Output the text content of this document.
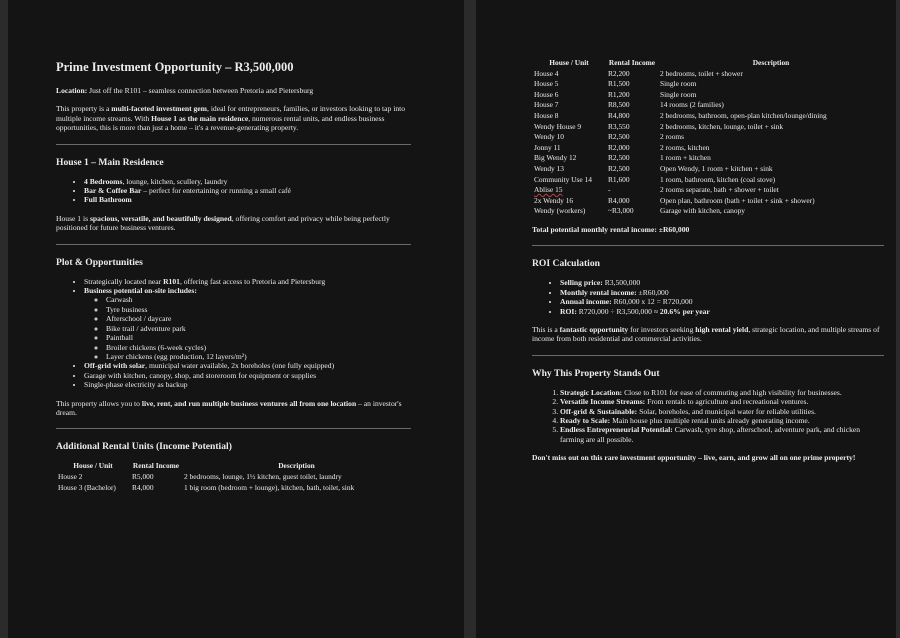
Prime Investment Opportunity – R3,500,000

Location: Just off the R101 – seamless connection between Pretoria and Pietersburg

This property is a multi-faceted investment gem, ideal for entrepreneurs, families, or investors looking to tap into multiple income streams. With House 1 as the main residence, numerous rental units, and endless business opportunities, this is more than just a home – it's a revenue-generating property.

House 1 – Main Residence
• 4 Bedrooms, lounge, kitchen, scullery, laundry
• Bar & Coffee Bar – perfect for entertaining or running a small café
• Full Bathroom

House 1 is spacious, versatile, and beautifully designed, offering comfort and privacy while being perfectly positioned for future business ventures.

Plot & Opportunities
• Strategically located near R101, offering fast access to Pretoria and Pietersburg
• Business potential on-site includes:
◦ Carwash
◦ Tyre business
◦ Afterschool / daycare
◦ Bike trail / adventure park
◦ Paintball
◦ Broiler chickens (6-week cycles)
◦ Layer chickens (egg production, 12 layers/m²)
• Off-grid with solar, municipal water available, 2x boreholes (one fully equipped)
• Garage with kitchen, canopy, shop, and storeroom for equipment or supplies
• Single-phase electricity as backup

This property allows you to live, rent, and run multiple business ventures all from one location – an investor's dream.

Additional Rental Units (Income Potential)
House / Unit	Rental Income	Description
House 2	R5,000	2 bedrooms, lounge, 1½ kitchen, guest toilet, laundry
House 3 (Bachelor)	R4,000	1 big room (bedroom + lounge), kitchen, bath, toilet, sink
House / Unit	Rental Income	Description
House 4	R2,200	2 bedrooms, toilet + shower
House 5	R1,500	Single room
House 6	R1,200	Single room
House 7	R8,500	14 rooms (2 families)
House 8	R4,800	2 bedrooms, bathroom, open-plan kitchen/lounge/dining
Wendy House 9	R3,550	2 bedrooms, kitchen, lounge, toilet + sink
Wendy 10	R2,500	2 rooms
Jonny 11	R2,000	2 rooms, kitchen
Big Wendy 12	R2,500	1 room + kitchen
Wendy 13	R2,500	Open Wendy, 1 room + kitchen + sink
Community Use 14	R1,600	1 room, bathroom, kitchen (coal stove)
Ablise 15	-	2 rooms separate, bath + shower + toilet
2x Wendy 16	R4,000	Open plan, bathroom (bath + toilet + sink + shower)
Wendy (workers)	~R3,000	Garage with kitchen, canopy

Total potential monthly rental income: ±R60,000

ROI Calculation
• Selling price: R3,500,000
• Monthly rental income: ±R60,000
• Annual income: R60,000 x 12 = R720,000
• ROI: R720,000 ÷ R3,500,000 ≈ 20.6% per year

This is a fantastic opportunity for investors seeking high rental yield, strategic location, and multiple streams of income from both residential and commercial activities.

Why This Property Stands Out
1. Strategic Location: Close to R101 for ease of commuting and high visibility for businesses.
2. Versatile Income Streams: From rentals to agriculture and recreational ventures.
3. Off-grid & Sustainable: Solar, boreholes, and municipal water for reliable utilities.
4. Ready to Scale: Main house plus multiple rental units already generating income.
5. Endless Entrepreneurial Potential: Carwash, tyre shop, afterschool, adventure park, and chicken farming are all possible.

Don't miss out on this rare investment opportunity – live, earn, and grow all on one prime property!
